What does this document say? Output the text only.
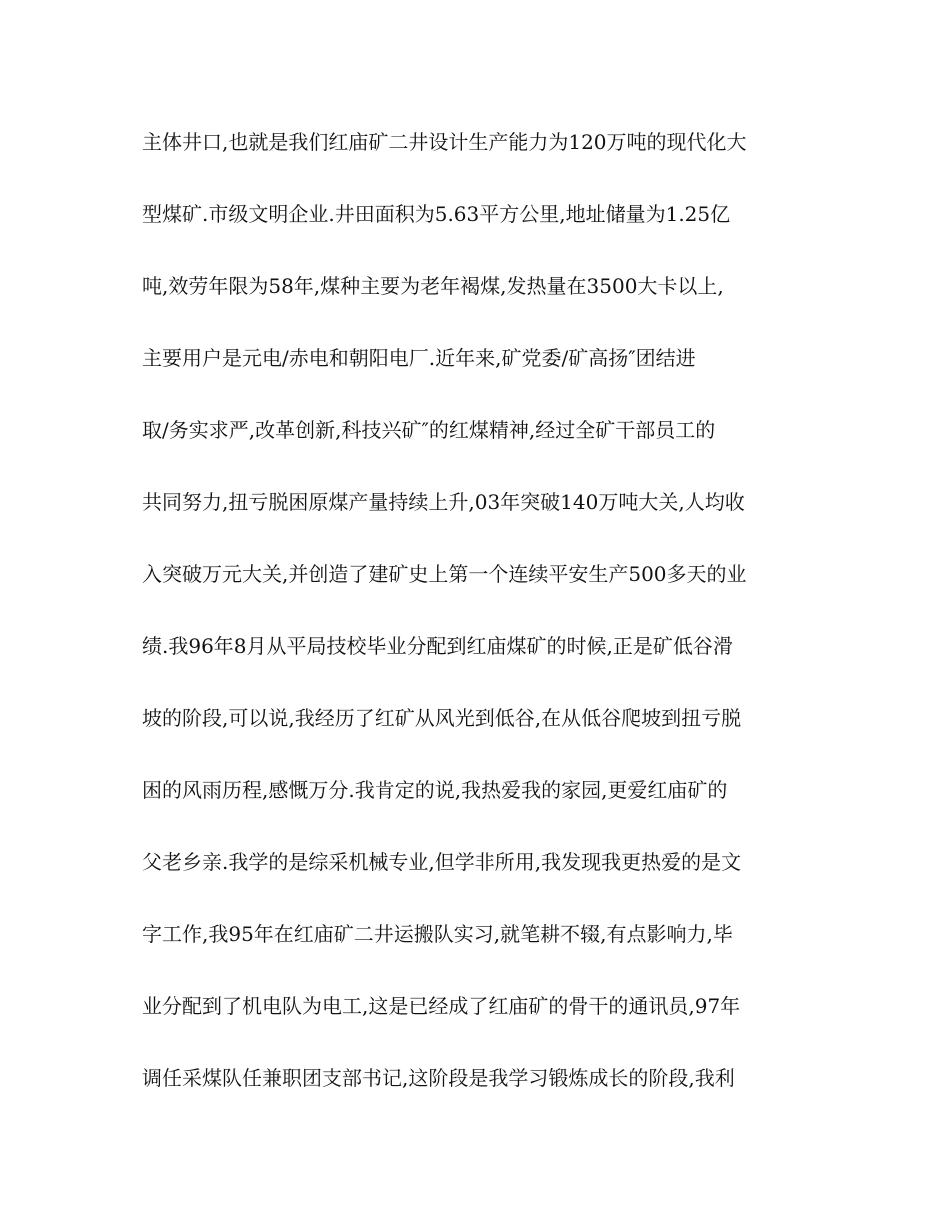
主体井口,也就是我们红庙矿二井设计生产能力为120万吨的现代化大
型煤矿.市级文明企业.井田面积为5.63平方公里,地址储量为1.25亿
吨,效劳年限为58年,煤种主要为老年褐煤,发热量在3500大卡以上,
主要用户是元电/赤电和朝阳电厂.近年来,矿党委/矿高扬″团结进
取/务实求严,改革创新,科技兴矿″的红煤精神,经过全矿干部员工的
共同努力,扭亏脱困原煤产量持续上升,03年突破140万吨大关,人均收
入突破万元大关,并创造了建矿史上第一个连续平安生产500多天的业
绩.我96年8月从平局技校毕业分配到红庙煤矿的时候,正是矿低谷滑
坡的阶段,可以说,我经历了红矿从风光到低谷,在从低谷爬坡到扭亏脱
困的风雨历程,感慨万分.我肯定的说,我热爱我的家园,更爱红庙矿的
父老乡亲.我学的是综采机械专业,但学非所用,我发现我更热爱的是文
字工作,我95年在红庙矿二井运搬队实习,就笔耕不辍,有点影响力,毕
业分配到了机电队为电工,这是已经成了红庙矿的骨干的通讯员,97年
调任采煤队任兼职团支部书记,这阶段是我学习锻炼成长的阶段,我利
